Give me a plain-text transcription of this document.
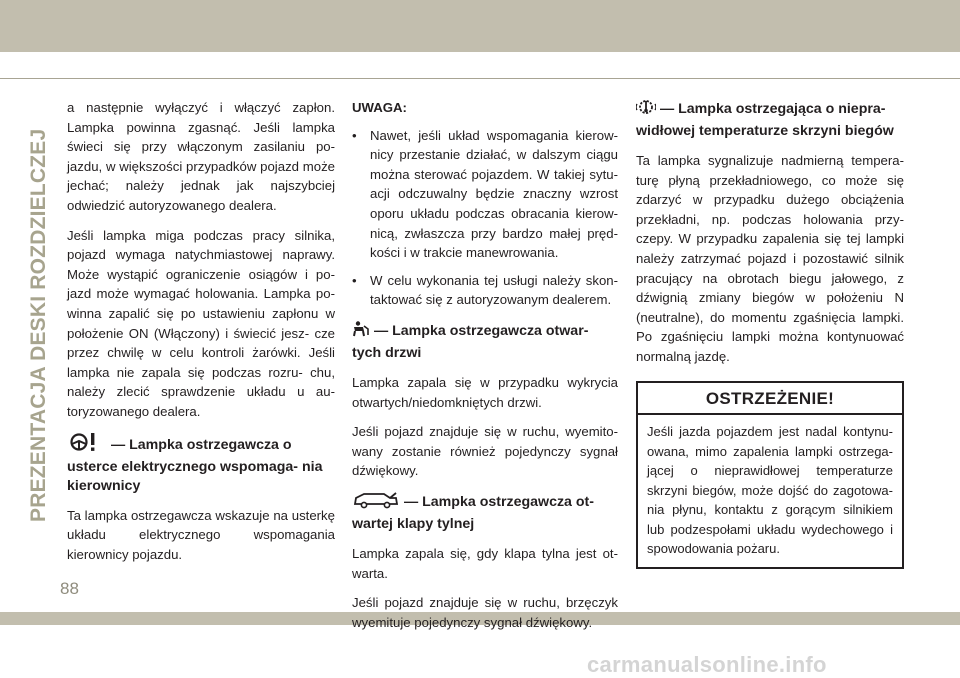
PREZENTACJA DESKI ROZDZIELCZEJ
88

a następnie wyłączyć i włączyć zapłon. Lampka powinna zgasnąć. Jeśli lampka świeci się przy włączonym zasilaniu po- jazdu, w większości przypadków pojazd może jechać; należy jednak jak najszybciej odwiedzić autoryzowanego dealera.

Jeśli lampka miga podczas pracy silnika, pojazd wymaga natychmiastowej naprawy. Może wystąpić ograniczenie osiągów i po- jazd może wymagać holowania. Lampka po- winna zapalić się po ustawieniu zapłonu w położenie ON (Włączony) i świecić jesz- cze przez chwilę w celu kontroli żarówki. Jeśli lampka nie zapala się podczas rozru- chu, należy zlecić sprawdzenie układu u au- toryzowanego dealera.

— Lampka ostrzegawcza o usterce elektrycznego wspomaga- nia kierownicy

Ta lampka ostrzegawcza wskazuje na usterkę układu elektrycznego wspomagania kierownicy pojazdu.

UWAGA:

• Nawet, jeśli układ wspomagania kierow- nicy przestanie działać, w dalszym ciągu można sterować pojazdem. W takiej sytu- acji odczuwalny będzie znaczny wzrost oporu układu podczas obracania kierow- nicą, zwłaszcza przy bardzo małej pręd- kości i w trakcie manewrowania.
• W celu wykonania tej usługi należy skon- taktować się z autoryzowanym dealerem.
— Lampka ostrzegawcza otwar- tych drzwi

Lampka zapala się w przypadku wykrycia otwartych/niedomkniętych drzwi.

Jeśli pojazd znajduje się w ruchu, wyemito- wany zostanie również pojedynczy sygnał dźwiękowy.

— Lampka ostrzegawcza ot- wartej klapy tylnej

Lampka zapala się, gdy klapa tylna jest ot- warta.

Jeśli pojazd znajduje się w ruchu, brzęczyk wyemituje pojedynczy sygnał dźwiękowy.

— Lampka ostrzegająca o niepra- widłowej temperaturze skrzyni biegów

Ta lampka sygnalizuje nadmierną tempera- turę płyną przekładniowego, co może się zdarzyć w przypadku dużego obciążenia przekładni, np. podczas holowania przy- czepy. W przypadku zapalenia się tej lampki należy zatrzymać pojazd i pozostawić silnik pracujący na obrotach biegu jałowego, z dźwignią zmiany biegów w położeniu N (neutralne), do momentu zgaśnięcia lampki. Po zgaśnięciu lampki można kontynuować normalną jazdę.

OSTRZEŻENIE!
Jeśli jazda pojazdem jest nadal kontynu- owana, mimo zapalenia lampki ostrzega- jącej o nieprawidłowej temperaturze skrzyni biegów, może dojść do zagotowa- nia płynu, kontaktu z gorącym silnikiem lub podzespołami układu wydechowego i spowodowania pożaru.
carmanualsonline.info
